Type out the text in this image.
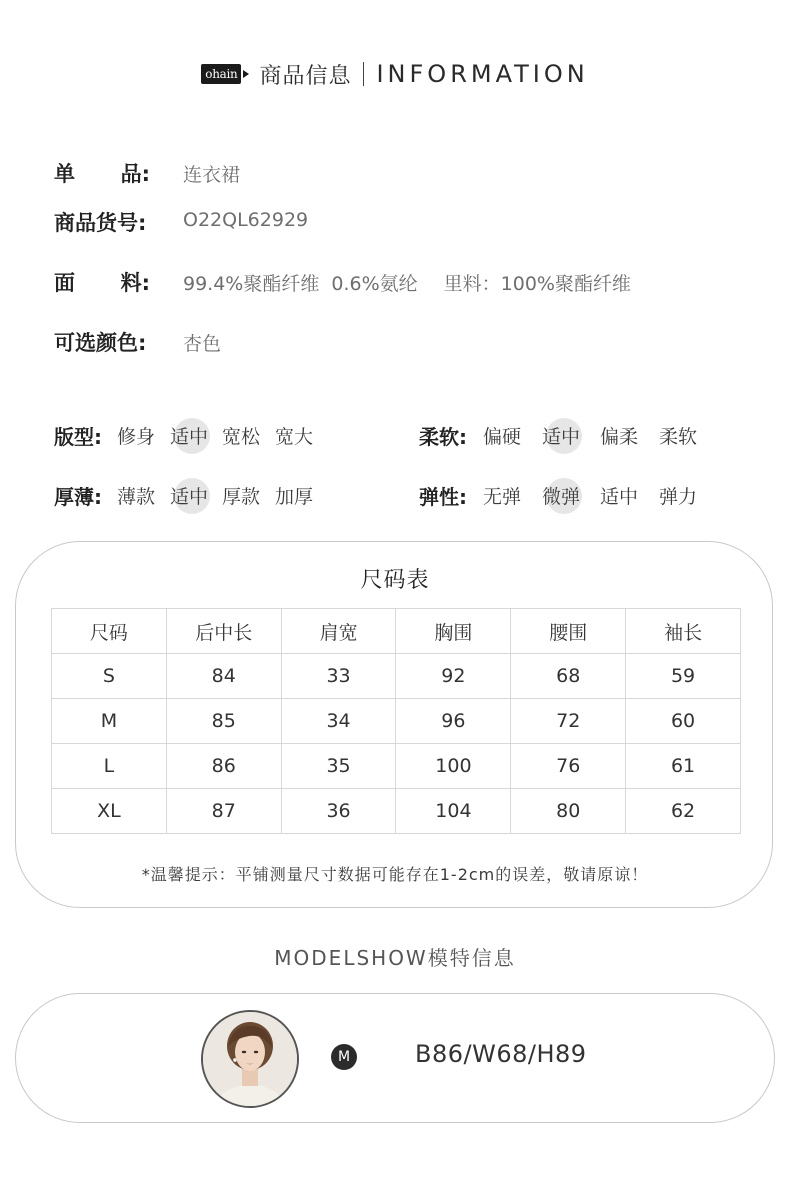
ohain 商品信息 INFORMATION
单 品: 连衣裙
商品货号:	O22QL62929
面 料: 99.4%聚酯纤维 0.6%氨纶 里料：100%聚酯纤维
可选颜色:	杏色
版型: 修身 适中 宽松 宽大	柔软: 偏硬 适中 偏柔 柔软
厚薄: 薄款 适中 厚款 加厚	弹性: 无弹 微弹 适中 弹力
尺码表
尺码	后中长	肩宽	胸围	腰围	袖长
S	84	33	92	68	59
M	85	34	96	72	60
L	86	35	100	76	61
XL	87	36	104	80	62
*温馨提示：平铺测量尺寸数据可能存在1-2cm的误差，敬请原谅！
MODELSHOW模特信息
M	B86/W68/H89
